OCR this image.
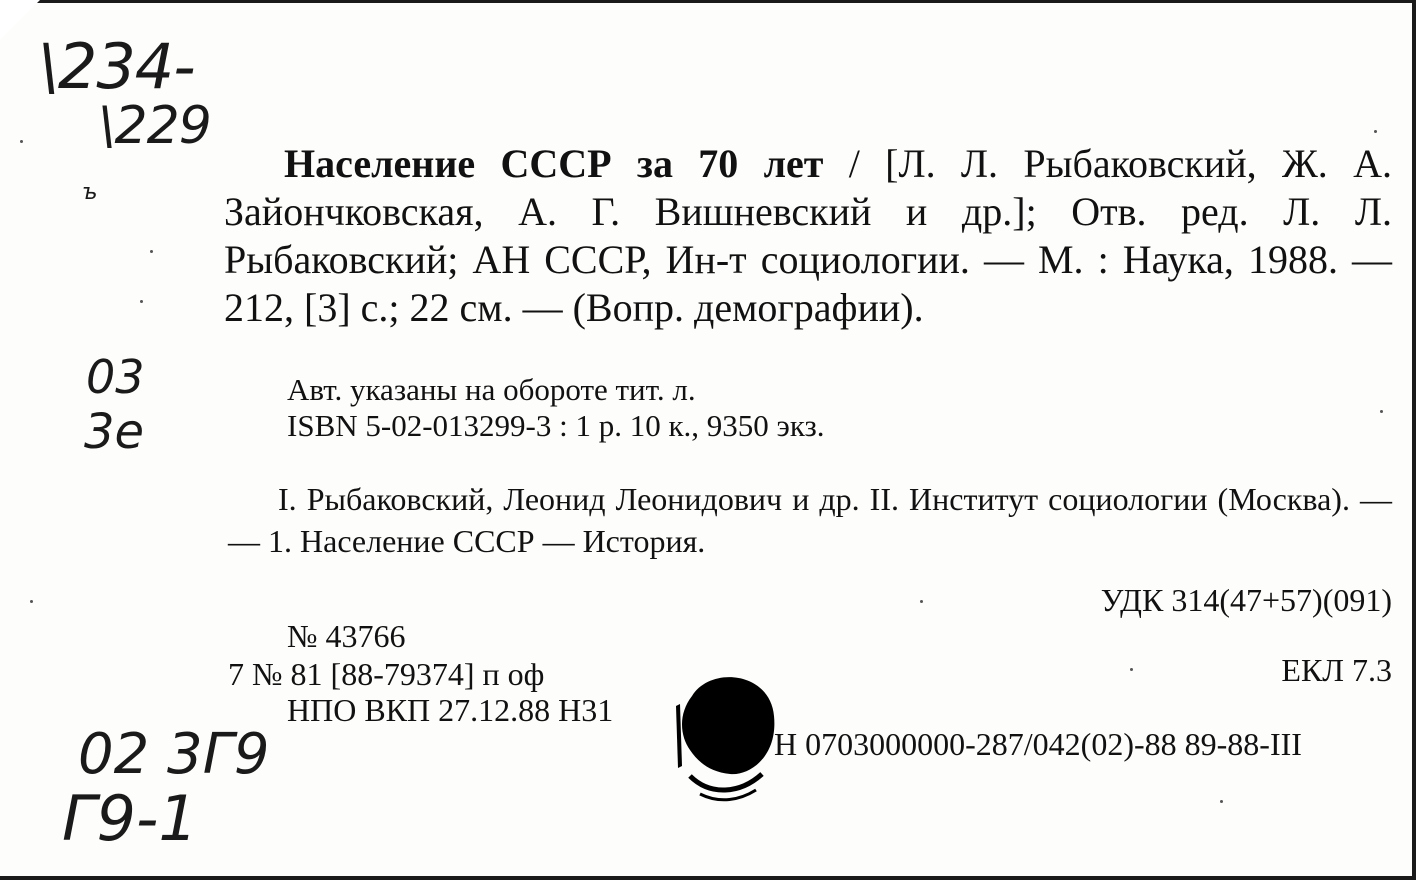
\234-
\229
ъ
03
3e
02 3Г9
Г9-1
Население СССР за 70 лет / [Л. Л. Рыбаковский, Ж. А. Зайончковская, А. Г. Вишневский и др.]; Отв. ред. Л. Л. Рыбаковский; АН СССР, Ин-т социологии. — М. : Наука, 1988. — 212, [3] с.; 22 см. — (Вопр. демографии).
Авт. указаны на обороте тит. л.
ISBN 5-02-013299-3 : 1 р. 10 к., 9350 экз.
I. Рыбаковский, Леонид Леонидович и др. II. Институт социологии (Москва). — — 1. Население СССР — История.
УДК 314(47+57)(091)
№ 43766
7 № 81 [88-79374] п оф
НПО ВКП 27.12.88 Н31
ЕКЛ 7.3
Н 0703000000-287/042(02)-88 89-88-III
